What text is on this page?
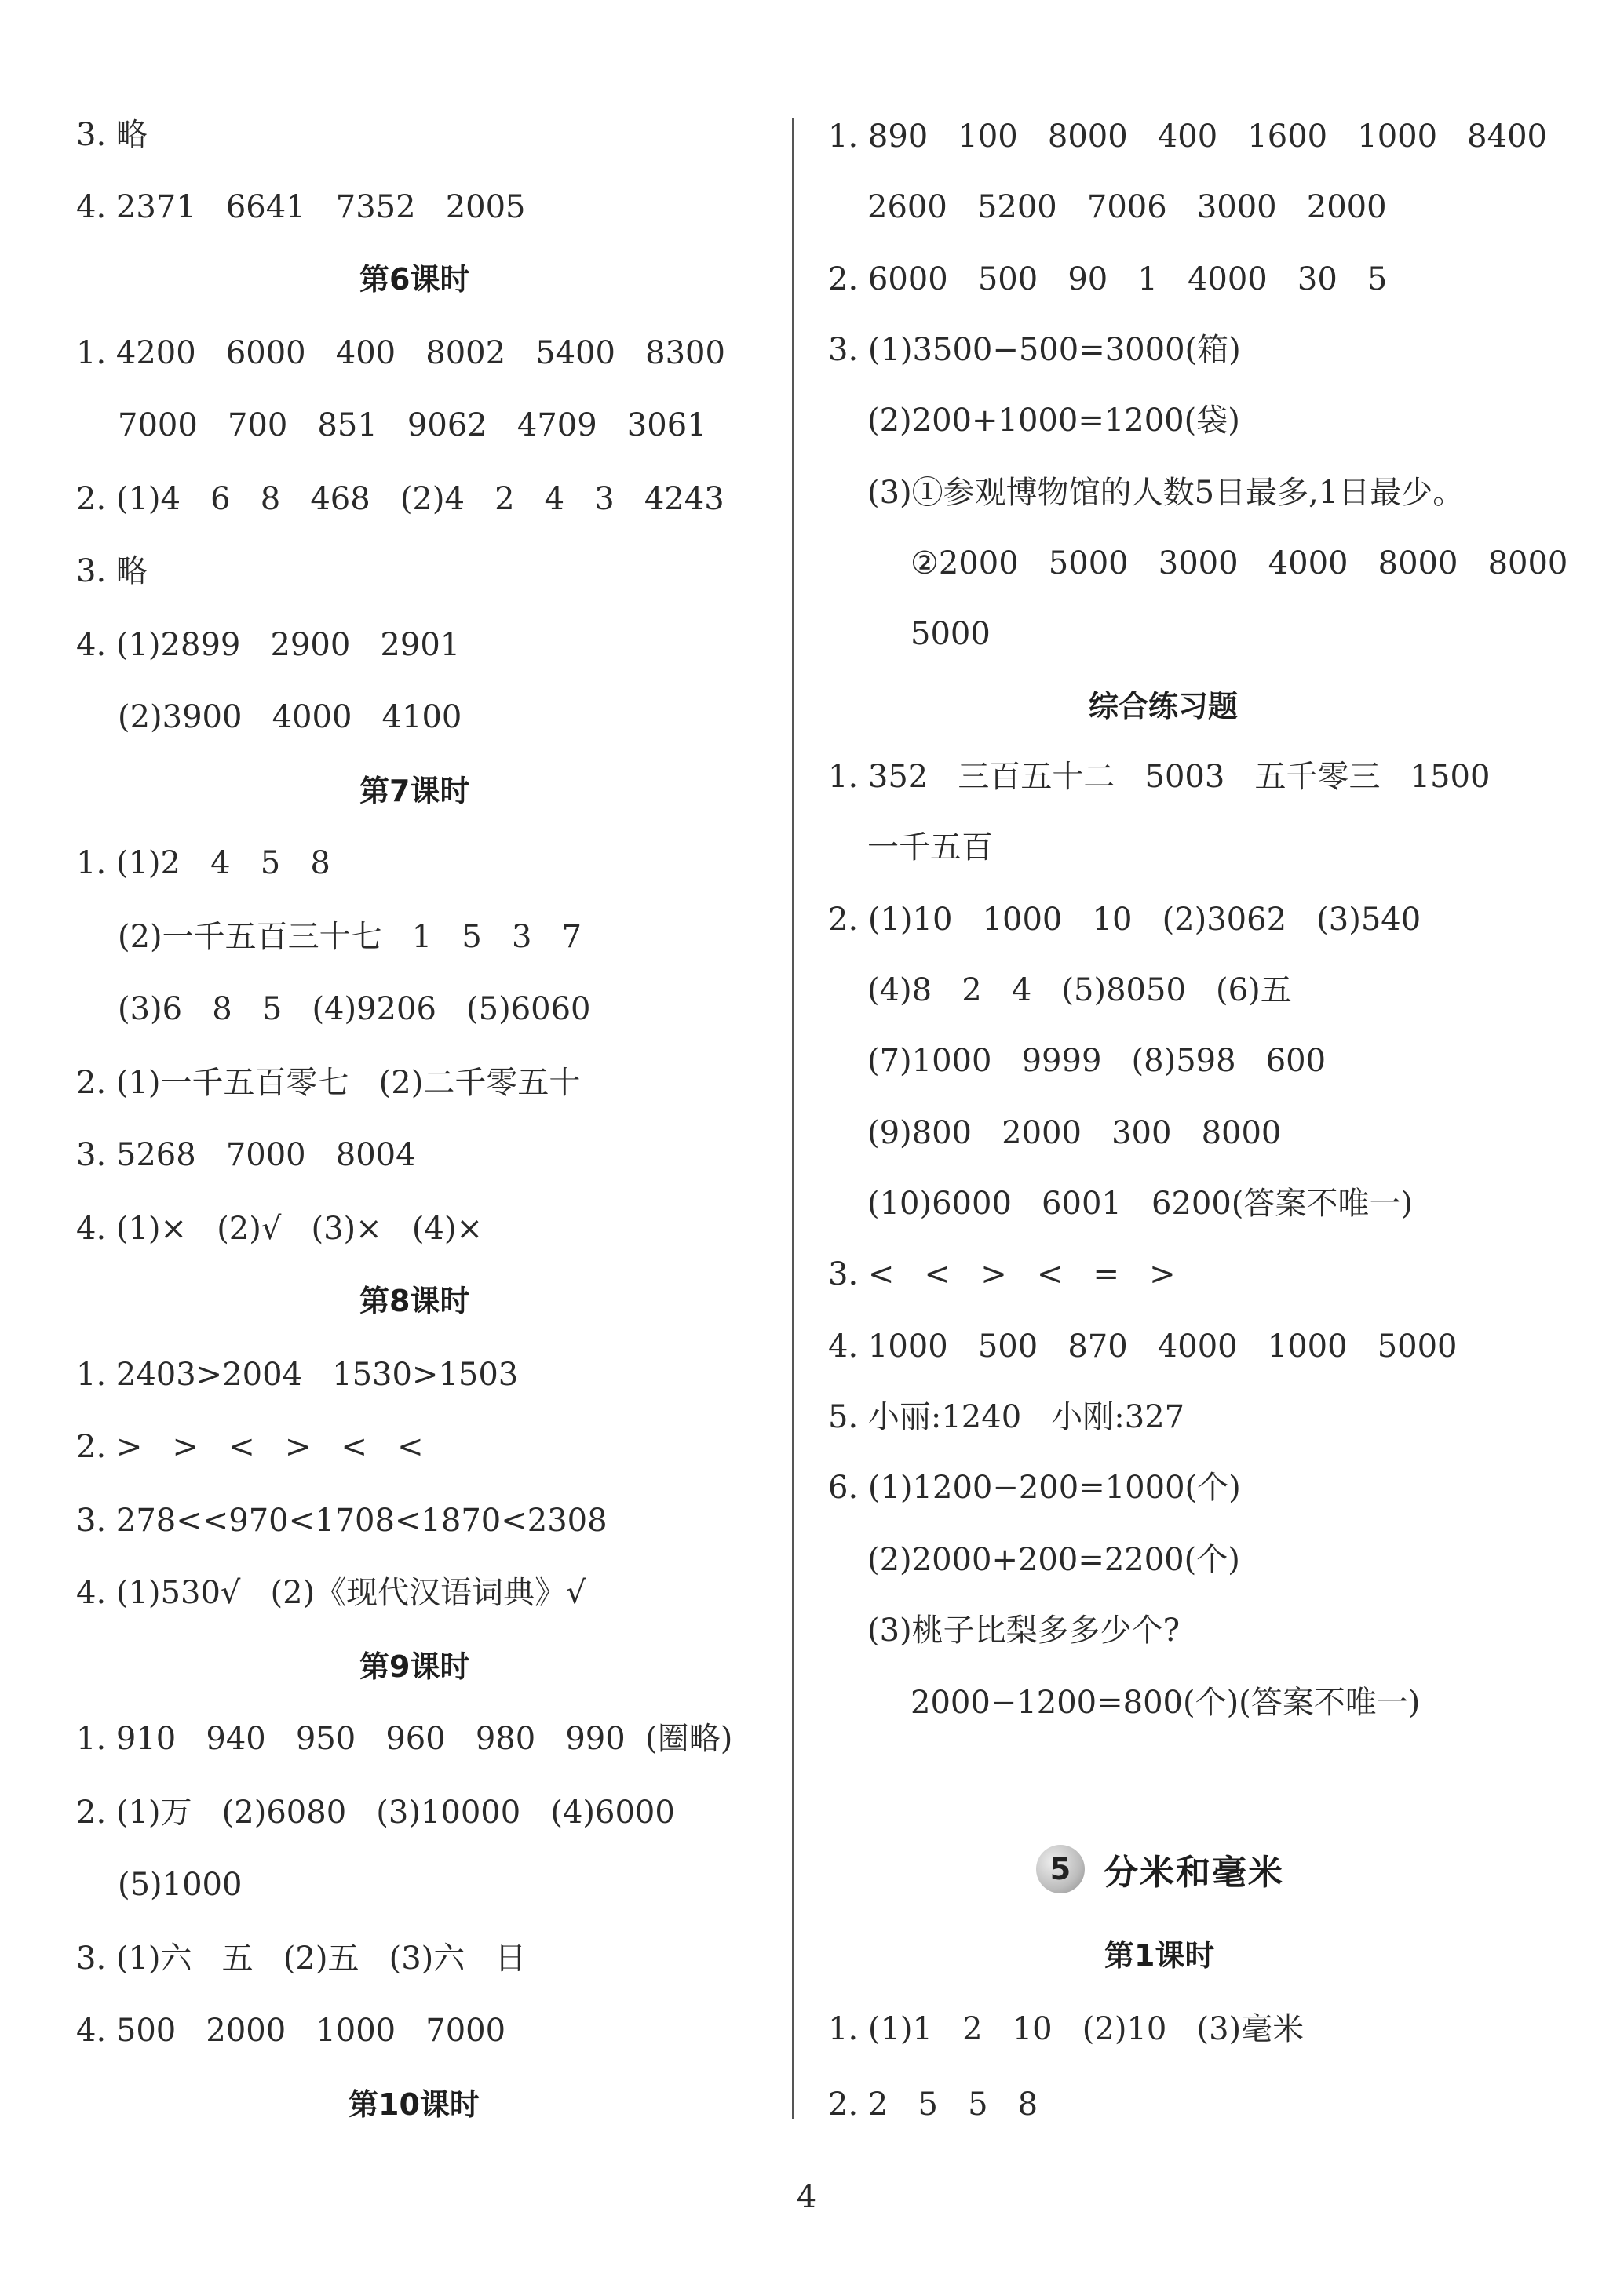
3. 略
4. 2371   6641   7352   2005
第6课时
1. 4200   6000   400   8002   5400   8300
7000   700   851   9062   4709   3061
2. (1)4   6   8   468   (2)4   2   4   3   4243
3. 略
4. (1)2899   2900   2901
(2)3900   4000   4100
第7课时
1. (1)2   4   5   8
(2)一千五百三十七   1   5   3   7
(3)6   8   5   (4)9206   (5)6060
2. (1)一千五百零七   (2)二千零五十
3. 5268   7000   8004
4. (1)×   (2)√   (3)×   (4)×
第8课时
1. 2403>2004   1530>1503
2. >   >   <   >   <   <
3. 278<<970<1708<1870<2308
4. (1)530√   (2)《现代汉语词典》√
第9课时
1. 910   940   950   960   980   990  (圈略)
2. (1)万   (2)6080   (3)10000   (4)6000
(5)1000
3. (1)六   五   (2)五   (3)六   日
4. 500   2000   1000   7000
第10课时
1. 890   100   8000   400   1600   1000   8400
2600   5200   7006   3000   2000
2. 6000   500   90   1   4000   30   5
3. (1)3500−500=3000(箱)
(2)200+1000=1200(袋)
(3)①参观博物馆的人数5日最多,1日最少。
②2000   5000   3000   4000   8000   8000
5000
综合练习题
1. 352   三百五十二   5003   五千零三   1500
一千五百
2. (1)10   1000   10   (2)3062   (3)540
(4)8   2   4   (5)8050   (6)五
(7)1000   9999   (8)598   600
(9)800   2000   300   8000
(10)6000   6001   6200(答案不唯一)
3. <   <   >   <   =   >
4. 1000   500   870   4000   1000   5000
5. 小丽:1240   小刚:327
6. (1)1200−200=1000(个)
(2)2000+200=2200(个)
(3)桃子比梨多多少个?
2000−1200=800(个)(答案不唯一)
5 分米和毫米
第1课时
1. (1)1   2   10   (2)10   (3)毫米
2. 2   5   5   8
4
